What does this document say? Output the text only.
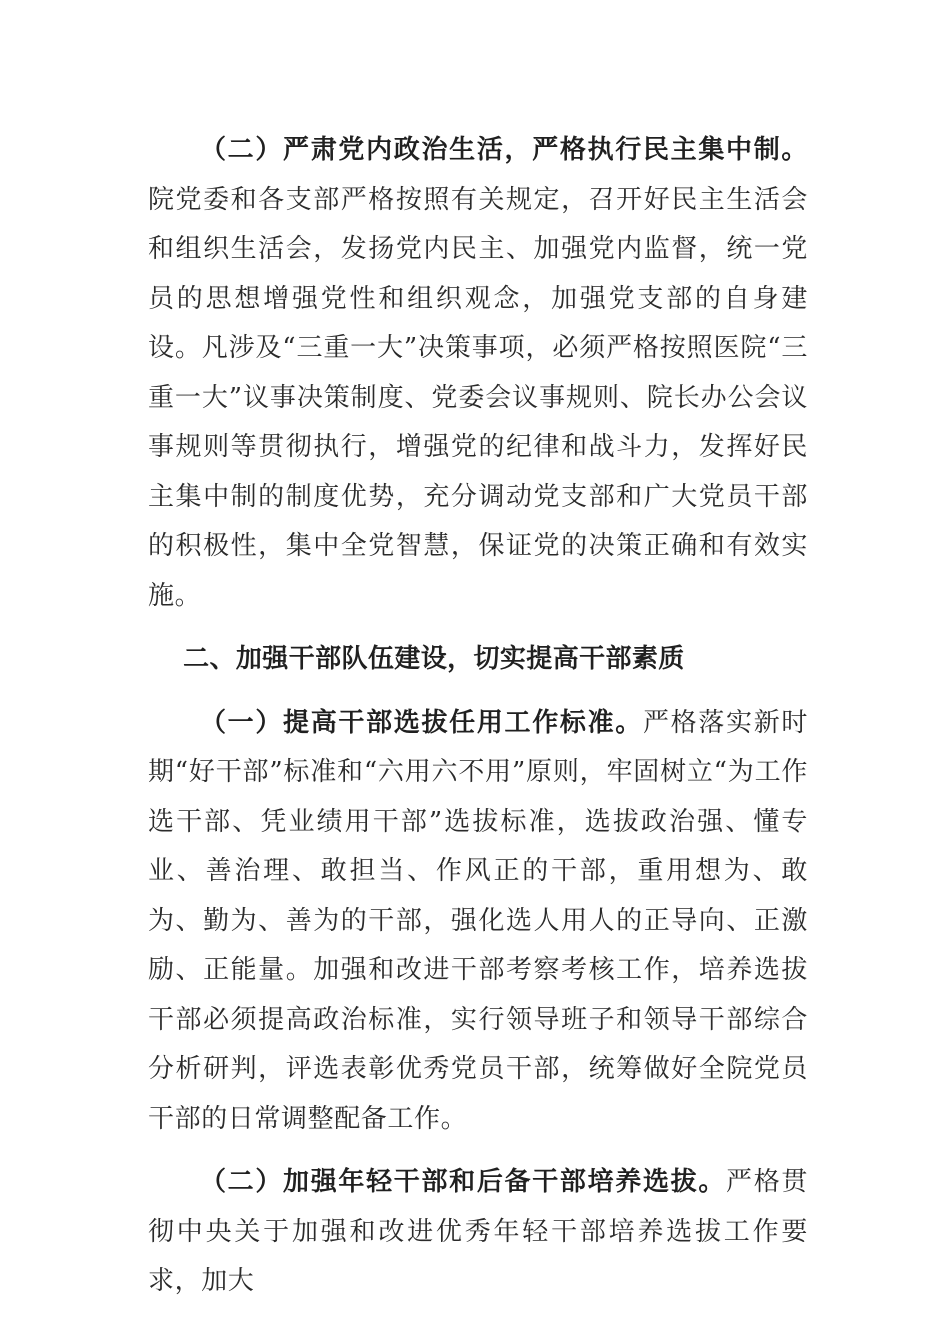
（二）严肃党内政治生活，严格执行民主集中制。院党委和各支部严格按照有关规定，召开好民主生活会和组织生活会，发扬党内民主、加强党内监督，统一党员的思想增强党性和组织观念，加强党支部的自身建设。凡涉及“三重一大”决策事项，必须严格按照医院“三重一大”议事决策制度、党委会议事规则、院长办公会议事规则等贯彻执行，增强党的纪律和战斗力，发挥好民主集中制的制度优势，充分调动党支部和广大党员干部的积极性，集中全党智慧，保证党的决策正确和有效实施。

二、加强干部队伍建设，切实提高干部素质

（一）提高干部选拔任用工作标准。严格落实新时期“好干部”标准和“六用六不用”原则，牢固树立“为工作选干部、凭业绩用干部”选拔标准，选拔政治强、懂专业、善治理、敢担当、作风正的干部，重用想为、敢为、勤为、善为的干部，强化选人用人的正导向、正激励、正能量。加强和改进干部考察考核工作，培养选拔干部必须提高政治标准，实行领导班子和领导干部综合分析研判，评选表彰优秀党员干部，统筹做好全院党员干部的日常调整配备工作。

（二）加强年轻干部和后备干部培养选拔。严格贯彻中央关于加强和改进优秀年轻干部培养选拔工作要求，加大
